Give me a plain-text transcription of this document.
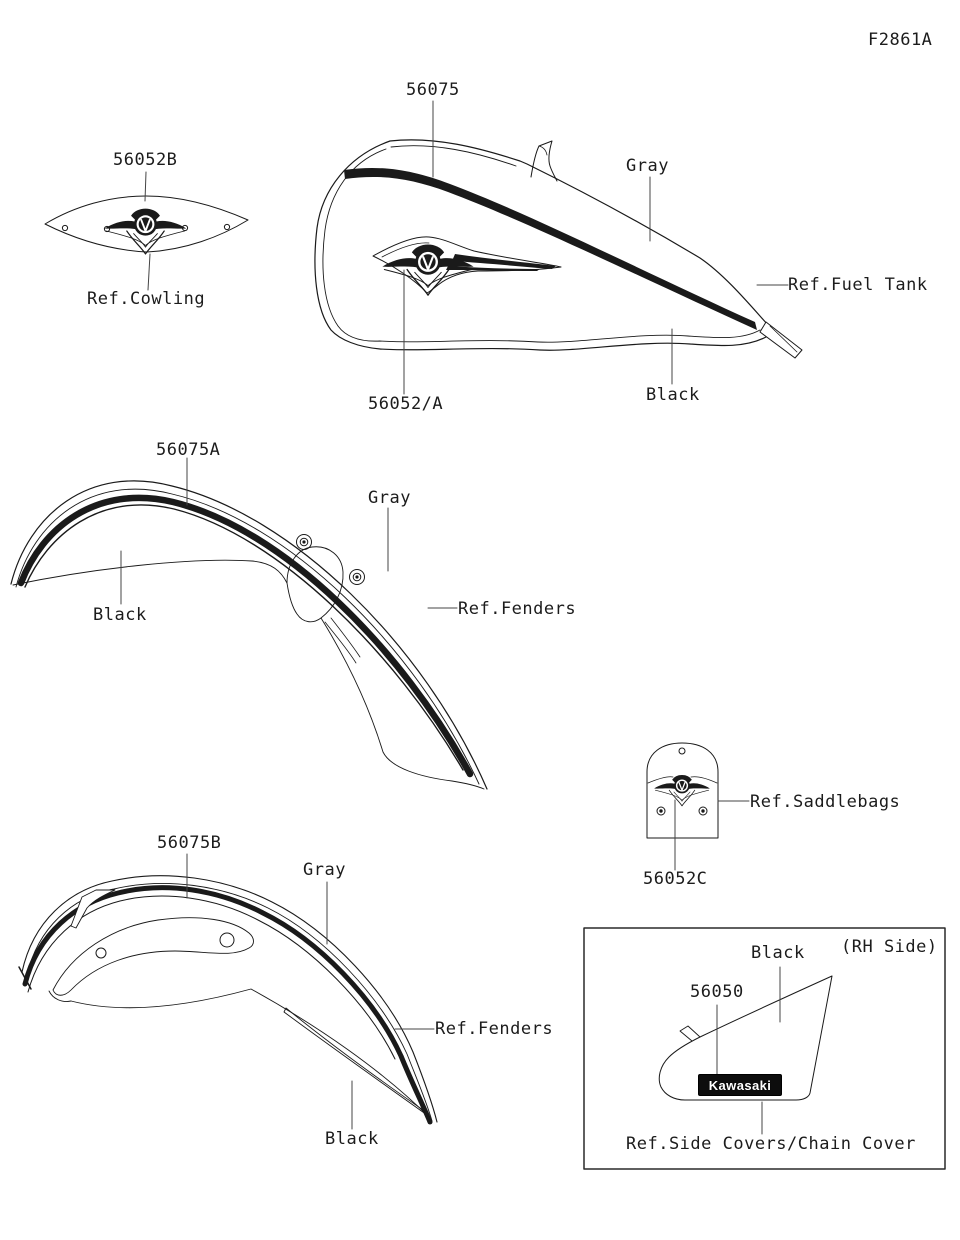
F2861A
56052B
Ref.Cowling
56075
Gray
Ref.Fuel Tank
Black
56052/A
56075A
Gray
Black	Ref.Fenders
56075B
Gray
Ref.Fenders
Black
Ref.Saddlebags
56052C
(RH Side)
Black
56050
Kawasaki
Ref.Side Covers/Chain Cover
